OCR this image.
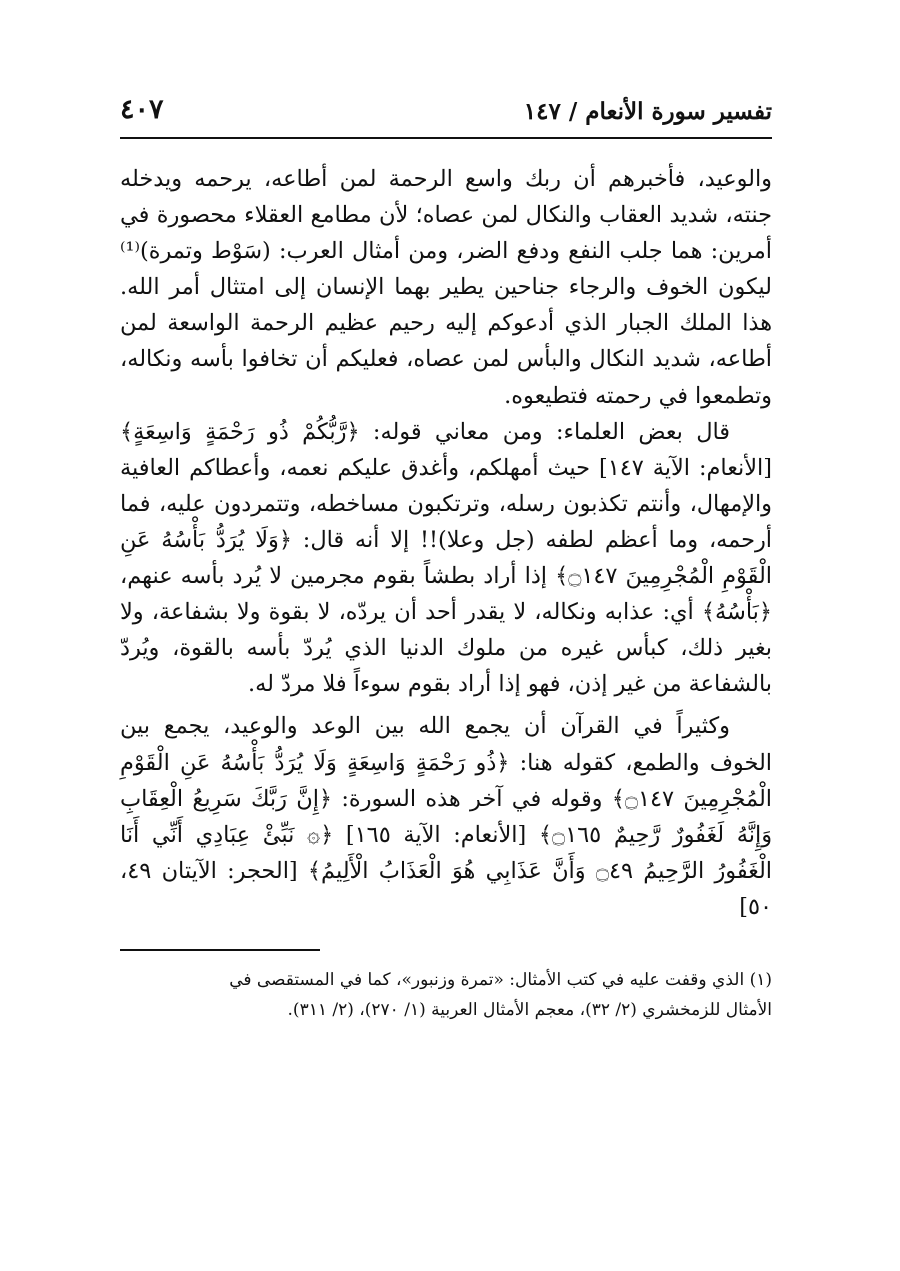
تفسير سورة الأنعام / ١٤٧
٤٠٧

والوعيد، فأخبرهم أن ربك واسع الرحمة لمن أطاعه، يرحمه ويدخله جنته، شديد العقاب والنكال لمن عصاه؛ لأن مطامع العقلاء محصورة في أمرين: هما جلب النفع ودفع الضر، ومن أمثال العرب: (سَوْط وتمرة)⁽¹⁾ ليكون الخوف والرجاء جناحين يطير بهما الإنسان إلى امتثال أمر الله. هذا الملك الجبار الذي أدعوكم إليه رحيم عظيم الرحمة الواسعة لمن أطاعه، شديد النكال والبأس لمن عصاه، فعليكم أن تخافوا بأسه ونكاله، وتطمعوا في رحمته فتطيعوه.

قال بعض العلماء: ومن معاني قوله: ﴿رَّبُّكُمْ ذُو رَحْمَةٍ وَاسِعَةٍ﴾ [الأنعام: الآية ١٤٧] حيث أمهلكم، وأغدق عليكم نعمه، وأعطاكم العافية والإمهال، وأنتم تكذبون رسله، وترتكبون مساخطه، وتتمردون عليه، فما أرحمه، وما أعظم لطفه (جل وعلا)!! إلا أنه قال: ﴿وَلَا يُرَدُّ بَأْسُهُ عَنِ الْقَوْمِ الْمُجْرِمِينَ ۝١٤٧﴾ إذا أراد بطشاً بقوم مجرمين لا يُرد بأسه عنهم، ﴿بَأْسُهُ﴾ أي: عذابه ونكاله، لا يقدر أحد أن يردّه، لا بقوة ولا بشفاعة، ولا بغير ذلك، كبأس غيره من ملوك الدنيا الذي يُردّ بأسه بالقوة، ويُردّ بالشفاعة من غير إذن، فهو إذا أراد بقوم سوءاً فلا مردّ له.

وكثيراً في القرآن أن يجمع الله بين الوعد والوعيد، يجمع بين الخوف والطمع، كقوله هنا: ﴿ذُو رَحْمَةٍ وَاسِعَةٍ وَلَا يُرَدُّ بَأْسُهُ عَنِ الْقَوْمِ الْمُجْرِمِينَ ۝١٤٧﴾ وقوله في آخر هذه السورة: ﴿إِنَّ رَبَّكَ سَرِيعُ الْعِقَابِ وَإِنَّهُ لَغَفُورٌ رَّحِيمٌ ۝١٦٥﴾ [الأنعام: الآية ١٦٥] ﴿۞ نَبِّئْ عِبَادِي أَنِّي أَنَا الْغَفُورُ الرَّحِيمُ ۝٤٩ وَأَنَّ عَذَابِي هُوَ الْعَذَابُ الْأَلِيمُ﴾ [الحجر: الآيتان ٤٩، ٥٠]

(١) الذي وقفت عليه في كتب الأمثال: «تمرة وزنبور»، كما في المستقصى في

الأمثال للزمخشري (٢/ ٣٢)، معجم الأمثال العربية (١/ ٢٧٠)، (٢/ ٣١١).
